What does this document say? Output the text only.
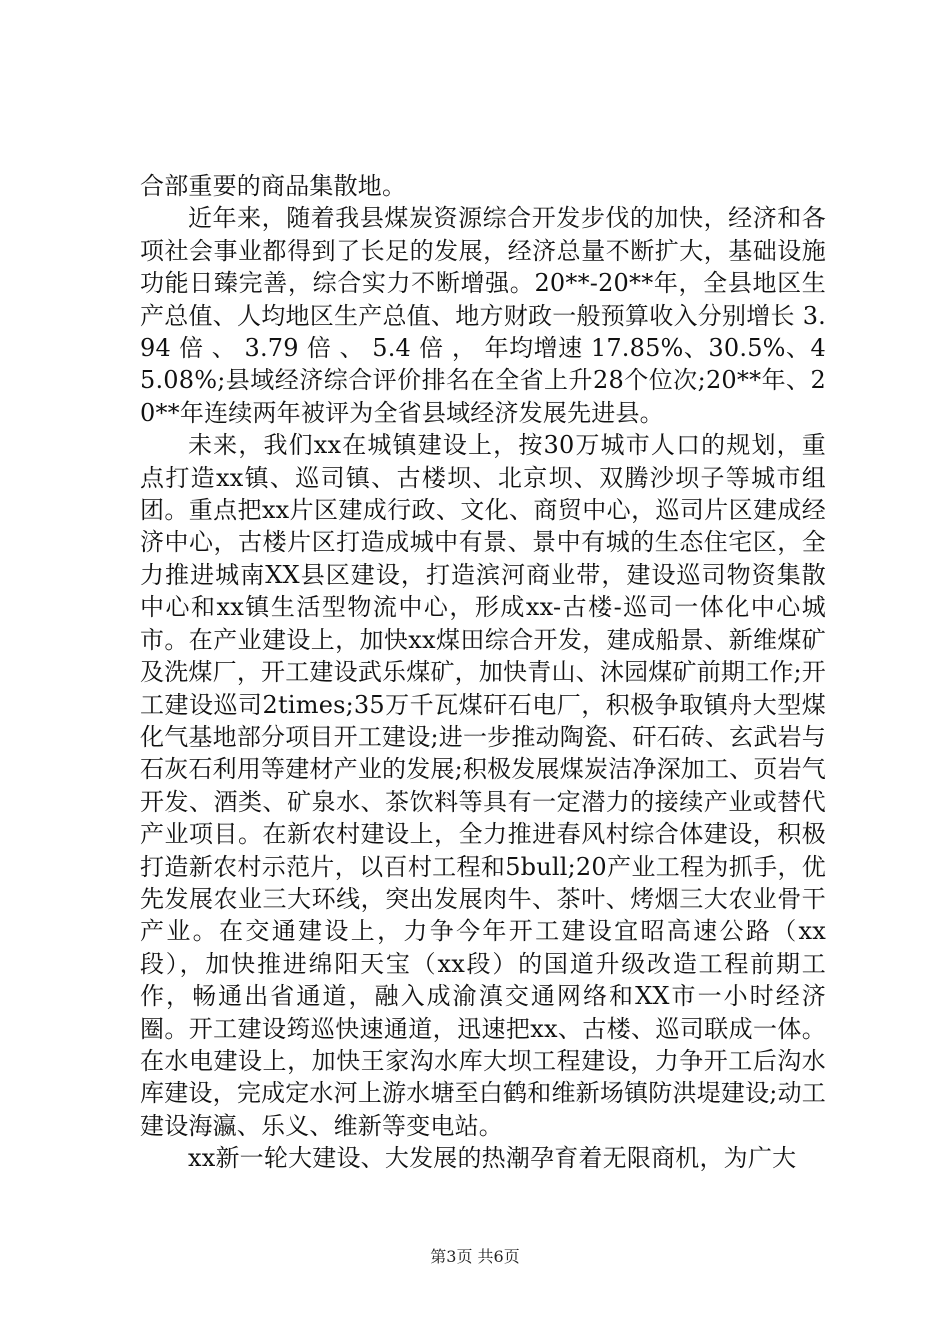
合部重要的商品集散地。

近年来，随着我县煤炭资源综合开发步伐的加快，经济和各项社会事业都得到了长足的发展，经济总量不断扩大，基础设施功能日臻完善，综合实力不断增强。20**-20**年，全县地区生产总值、人均地区生产总值、地方财政一般预算收入分别增长 3.94 倍 、 3.79 倍 、 5.4 倍 ， 年均增速 17.85%、30.5%、45.08%;县域经济综合评价排名在全省上升28个位次;20**年、20**年连续两年被评为全省县域经济发展先进县。

未来，我们xx在城镇建设上，按30万城市人口的规划，重点打造xx镇、巡司镇、古楼坝、北京坝、双腾沙坝子等城市组团。重点把xx片区建成行政、文化、商贸中心，巡司片区建成经济中心，古楼片区打造成城中有景、景中有城的生态住宅区，全力推进城南XX县区建设，打造滨河商业带，建设巡司物资集散中心和xx镇生活型物流中心，形成xx-古楼-巡司一体化中心城市。在产业建设上，加快xx煤田综合开发，建成船景、新维煤矿及洗煤厂，开工建设武乐煤矿，加快青山、沐园煤矿前期工作;开工建设巡司2times;35万千瓦煤矸石电厂，积极争取镇舟大型煤化气基地部分项目开工建设;进一步推动陶瓷、矸石砖、玄武岩与石灰石利用等建材产业的发展;积极发展煤炭洁净深加工、页岩气开发、酒类、矿泉水、茶饮料等具有一定潜力的接续产业或替代产业项目。在新农村建设上，全力推进春风村综合体建设，积极打造新农村示范片，以百村工程和5bull;20产业工程为抓手，优先发展农业三大环线，突出发展肉牛、茶叶、烤烟三大农业骨干产业。在交通建设上，力争今年开工建设宜昭高速公路（xx段），加快推进绵阳天宝（xx段）的国道升级改造工程前期工作，畅通出省通道，融入成渝滇交通网络和XX市一小时经济圈。开工建设筠巡快速通道，迅速把xx、古楼、巡司联成一体。在水电建设上，加快王家沟水库大坝工程建设，力争开工后沟水库建设，完成定水河上游水塘至白鹤和维新场镇防洪堤建设;动工建设海瀛、乐义、维新等变电站。

xx新一轮大建设、大发展的热潮孕育着无限商机，为广大

第3页 共6页
